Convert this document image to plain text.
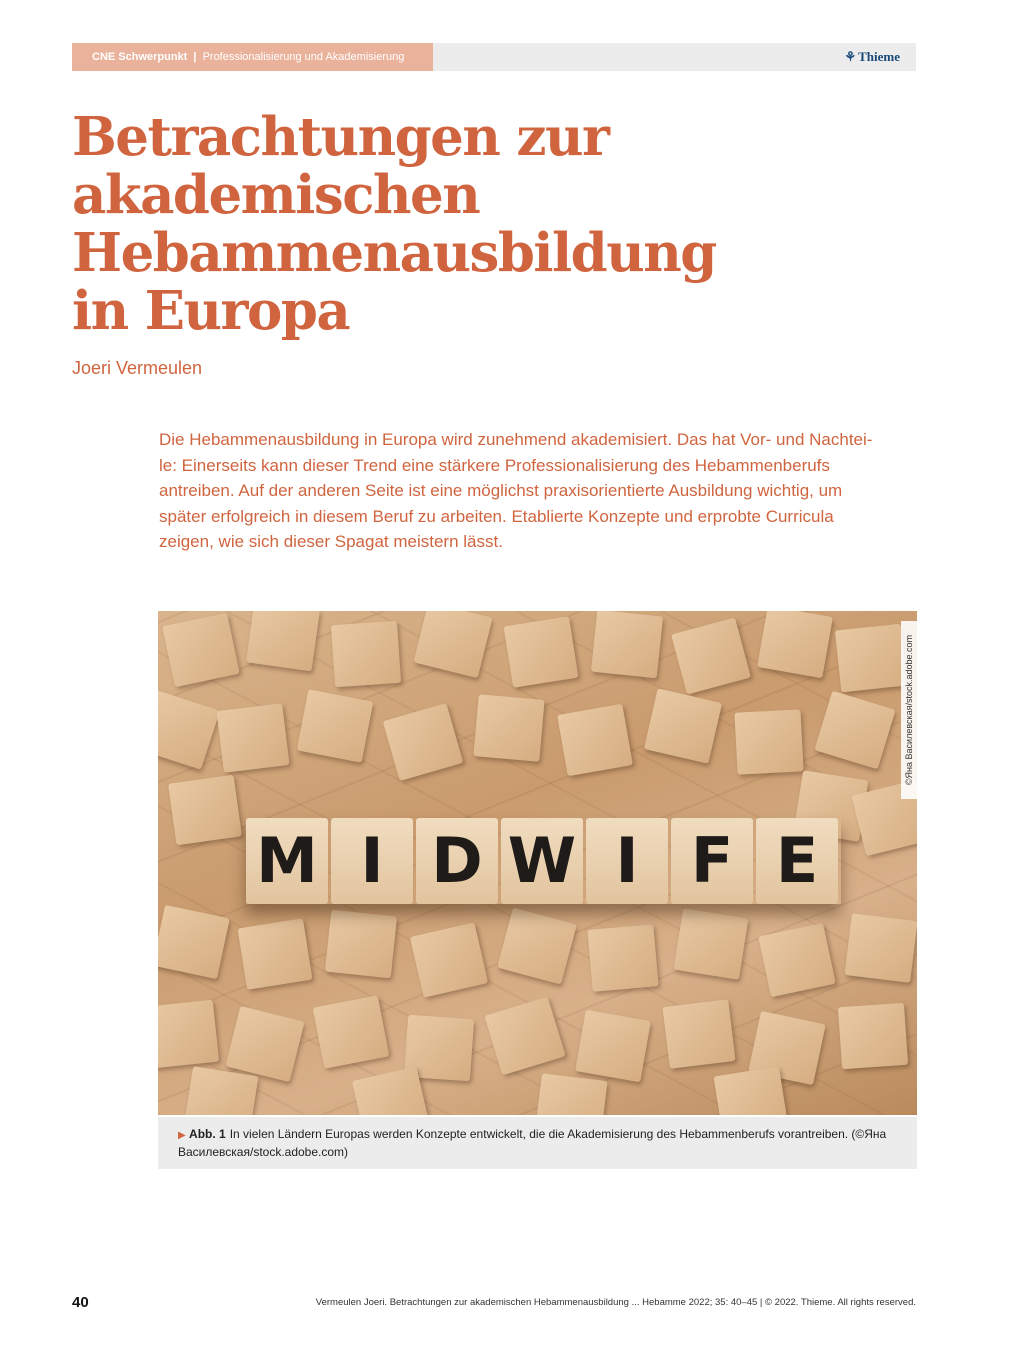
CNE Schwerpunkt | Professionalisierung und Akademisierung	⚘ Thieme
Betrachtungen zur
akademischen
Hebammenausbildung
in Europa
Joeri Vermeulen

Die Hebammenausbildung in Europa wird zunehmend akademisiert. Das hat Vor- und Nachtei-
le: Einerseits kann dieser Trend eine stärkere Professionalisierung des Hebammenberufs
antreiben. Auf der anderen Seite ist eine möglichst praxisorientierte Ausbildung wichtig, um
später erfolgreich in diesem Beruf zu arbeiten. Etablierte Konzepte und erprobte Curricula
zeigen, wie sich dieser Spagat meistern lässt.

M I D W I F E
©Яна Василевская/stock.adobe.com
▶ Abb. 1 In vielen Ländern Europas werden Konzepte entwickelt, die die Akademisierung des Hebammenberufs vorantreiben. (©Яна
Василевская/stock.adobe.com)
40	Vermeulen Joeri. Betrachtungen zur akademischen Hebammenausbildung ... Hebamme 2022; 35: 40–45 | © 2022. Thieme. All rights reserved.
